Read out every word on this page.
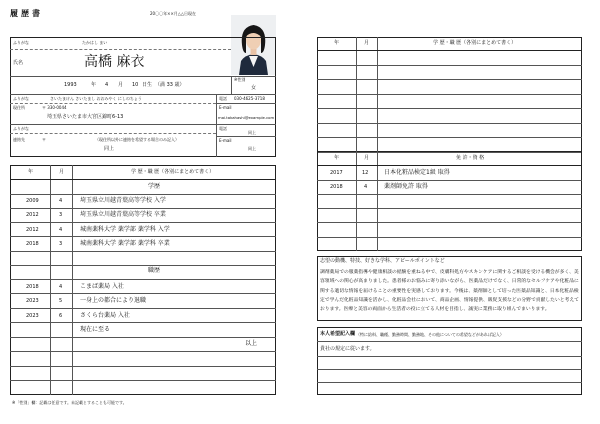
履歴書	20〇〇年××月△△日現在
ふりがな	たかはし まい
氏名	高橋 麻衣
1993	年 4 月 10 日生 （満 33 歳）
※性別
女
ふりがな	さいたまけん さいたまし おおみやく にしのちょう	電話 030-4625-3718
現住所	〒 330-0044	E-mail
埼玉県さいたま市大宮区錦町6-13	mai.takahashi@example.com
ふりがな	電話
同上
連絡先	〒	（現住所以外に連絡を希望する場合のみ記入）	E-mail
同上	同上
年	月	学 歴・職 歴（各別にまとめて書く）
学歴
2009	4	埼玉県立川越青葉高等学校 入学
2012	3	埼玉県立川越青葉高等学校 卒業
2012	4	城南薬科大学 薬学部 薬学科 入学
2018	3	城南薬科大学 薬学部 薬学科 卒業
職歴
2018	4	こまば薬局 入社
2023	5	一身上の都合により退職
2023	6	さくら台薬局 入社
現在に至る
以上
※「性別」欄：記載は任意です。未記載とすることも可能です。
年	月	学 歴・職 歴（各別にまとめて書く）
年	月	免 許・資 格
2017	12	日本化粧品検定1級 取得
2018	4	薬剤師免許 取得
志望の動機、特技、好きな学科、アピールポイントなど
調剤薬局での服薬指導や健康相談の経験を重ねる中で、皮膚科処方やスキンケアに関するご相談を受ける機会が多く、美容領域への関心が高まりました。患者様のお悩みに寄り添いながら、医薬品だけでなく、日常的なセルフケアや化粧品に関する適切な情報を届けることの重要性を実感しております。今後は、薬剤師として培った医薬品知識と、日本化粧品検定で学んだ化粧品知識を活かし、化粧品会社において、商品企画、情報提供、販促支援などの分野で貢献したいと考えております。医療と美容の両面から生活者の役に立てる人材を目指し、誠実に業務に取り組んでまいります。
本人希望記入欄 （特に給料、職種、勤務時間、勤務地、その他についての希望などがあれば記入）
貴社の規定に従います。
